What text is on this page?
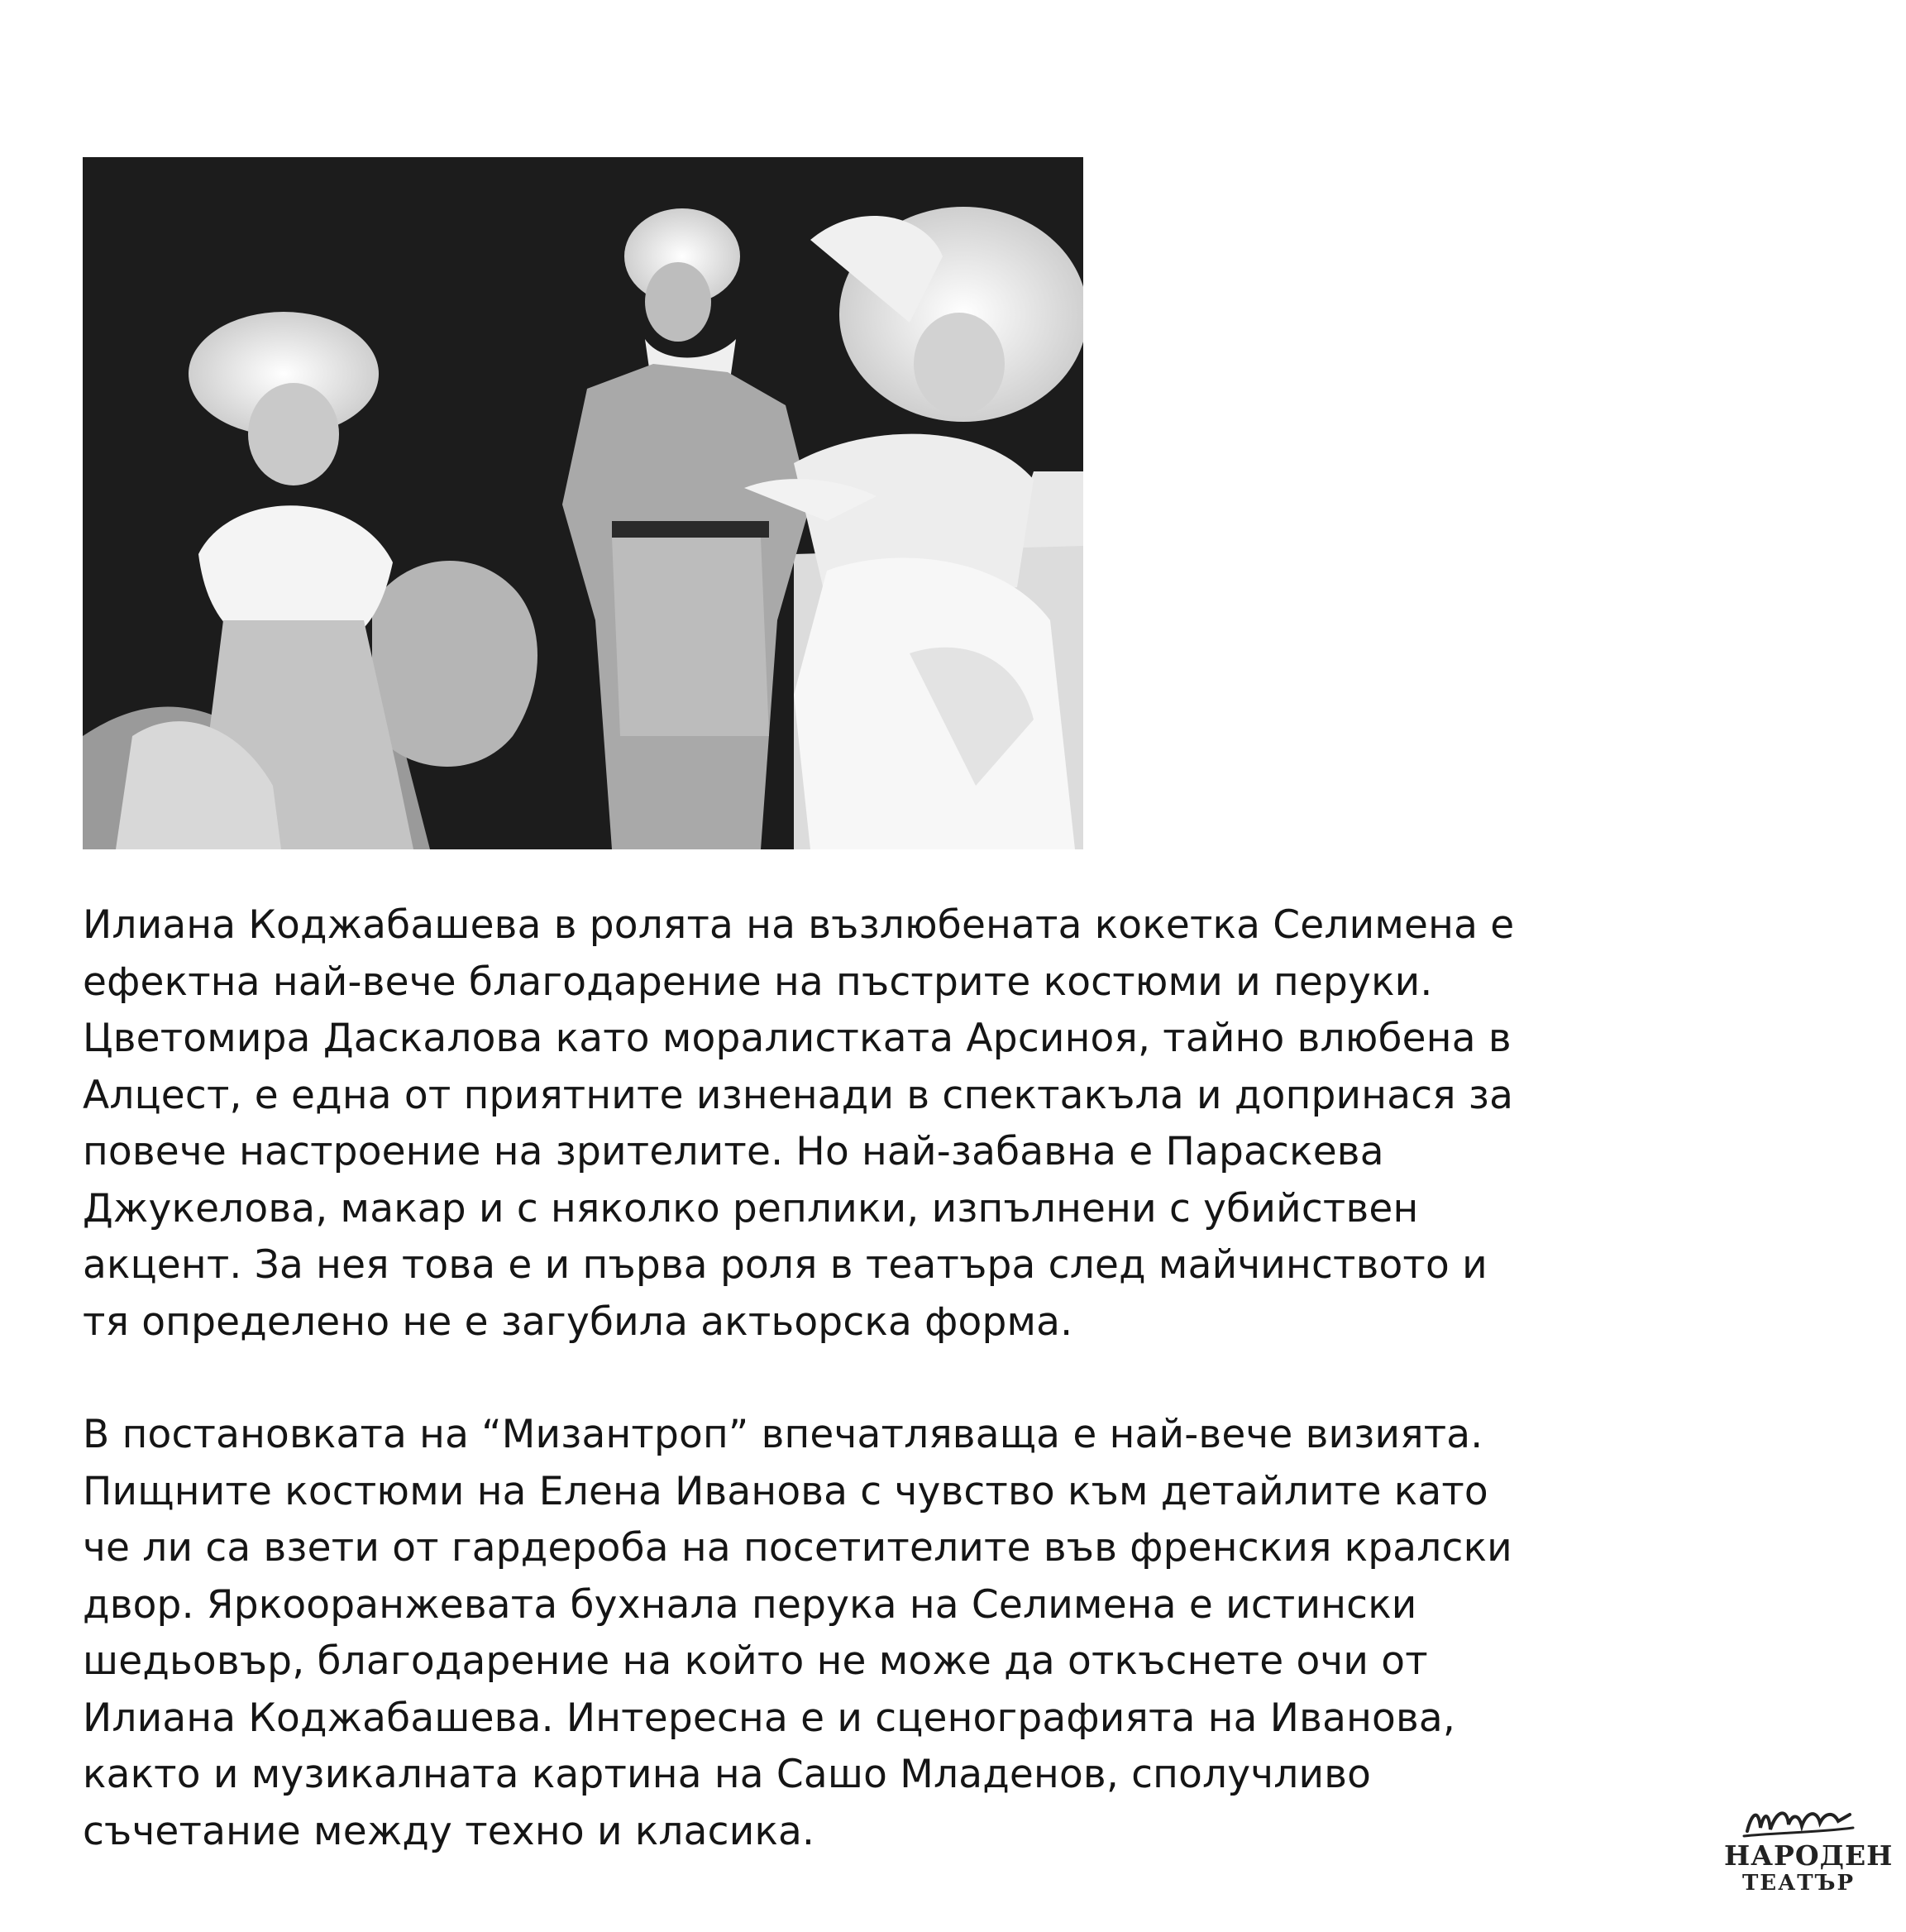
Илиана Коджабашева в ролята на възлюбената кокетка Селимена е
ефектна най-вече благодарение на пъстрите костюми и перуки.
Цветомира Даскалова като моралистката Арсиноя, тайно влюбена в
Алцест, е една от приятните изненади в спектакъла и допринася за
повече настроение на зрителите. Но най-забавна е Параскева
Джукелова, макар и с няколко реплики, изпълнени с убийствен
акцент. За нея това е и първа роля в театъра след майчинството и
тя определено не е загубила актьорска форма.

В постановката на “Мизантроп” впечатляваща е най-вече визията.
Пищните костюми на Елена Иванова с чувство към детайлите като
че ли са взети от гардероба на посетителите във френския кралски
двор. Яркооранжевата бухнала перука на Селимена е истински
шедьовър, благодарение на който не може да откъснете очи от
Илиана Коджабашева. Интересна е и сценографията на Иванова,
както и музикалната картина на Сашо Младенов, сполучливо
съчетание между техно и класика.

НАРОДЕН
ТЕАТЪР
